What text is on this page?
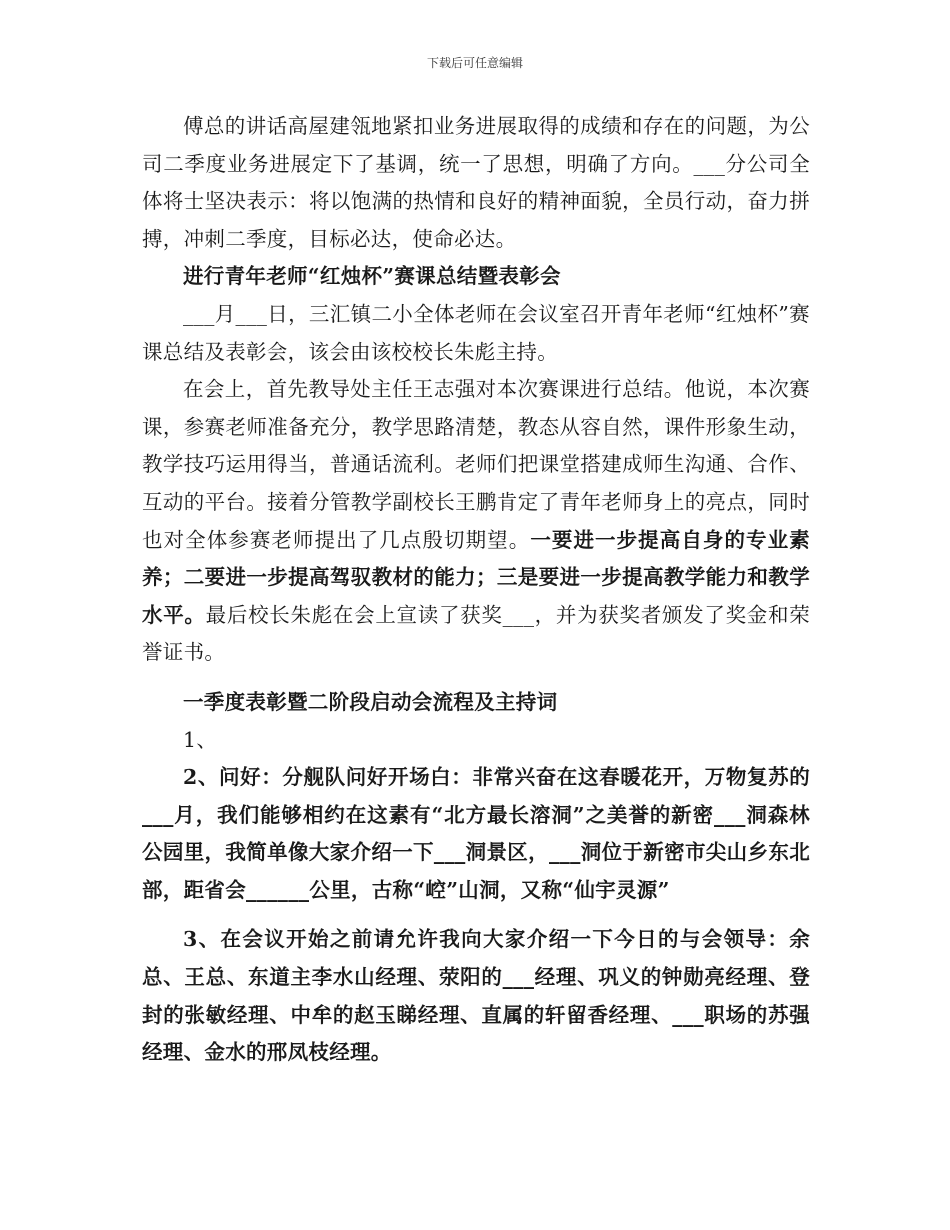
下载后可任意编辑

傅总的讲话高屋建瓴地紧扣业务进展取得的成绩和存在的问题，为公司二季度业务进展定下了基调，统一了思想，明确了方向。___分公司全体将士坚决表示：将以饱满的热情和良好的精神面貌，全员行动，奋力拼搏，冲刺二季度，目标必达，使命必达。

进行青年老师“红烛杯”赛课总结暨表彰会

___月___日，三汇镇二小全体老师在会议室召开青年老师“红烛杯”赛课总结及表彰会，该会由该校校长朱彪主持。

在会上，首先教导处主任王志强对本次赛课进行总结。他说，本次赛课，参赛老师准备充分，教学思路清楚，教态从容自然，课件形象生动，教学技巧运用得当，普通话流利。老师们把课堂搭建成师生沟通、合作、互动的平台。接着分管教学副校长王鹏肯定了青年老师身上的亮点，同时也对全体参赛老师提出了几点殷切期望。一要进一步提高自身的专业素养；二要进一步提高驾驭教材的能力；三是要进一步提高教学能力和教学水平。最后校长朱彪在会上宣读了获奖___，并为获奖者颁发了奖金和荣誉证书。

一季度表彰暨二阶段启动会流程及主持词

1、

2、问好：分舰队问好开场白：非常兴奋在这春暖花开，万物复苏的___月，我们能够相约在这素有“北方最长溶洞”之美誉的新密___洞森林公园里，我简单像大家介绍一下___洞景区，___洞位于新密市尖山乡东北部，距省会______公里，古称“崆”山洞，又称“仙宇灵源”

3、在会议开始之前请允许我向大家介绍一下今日的与会领导：余总、王总、东道主李水山经理、荥阳的___经理、巩义的钟勋亮经理、登封的张敏经理、中牟的赵玉睇经理、直属的轩留香经理、___职场的苏强经理、金水的邢凤枝经理。
